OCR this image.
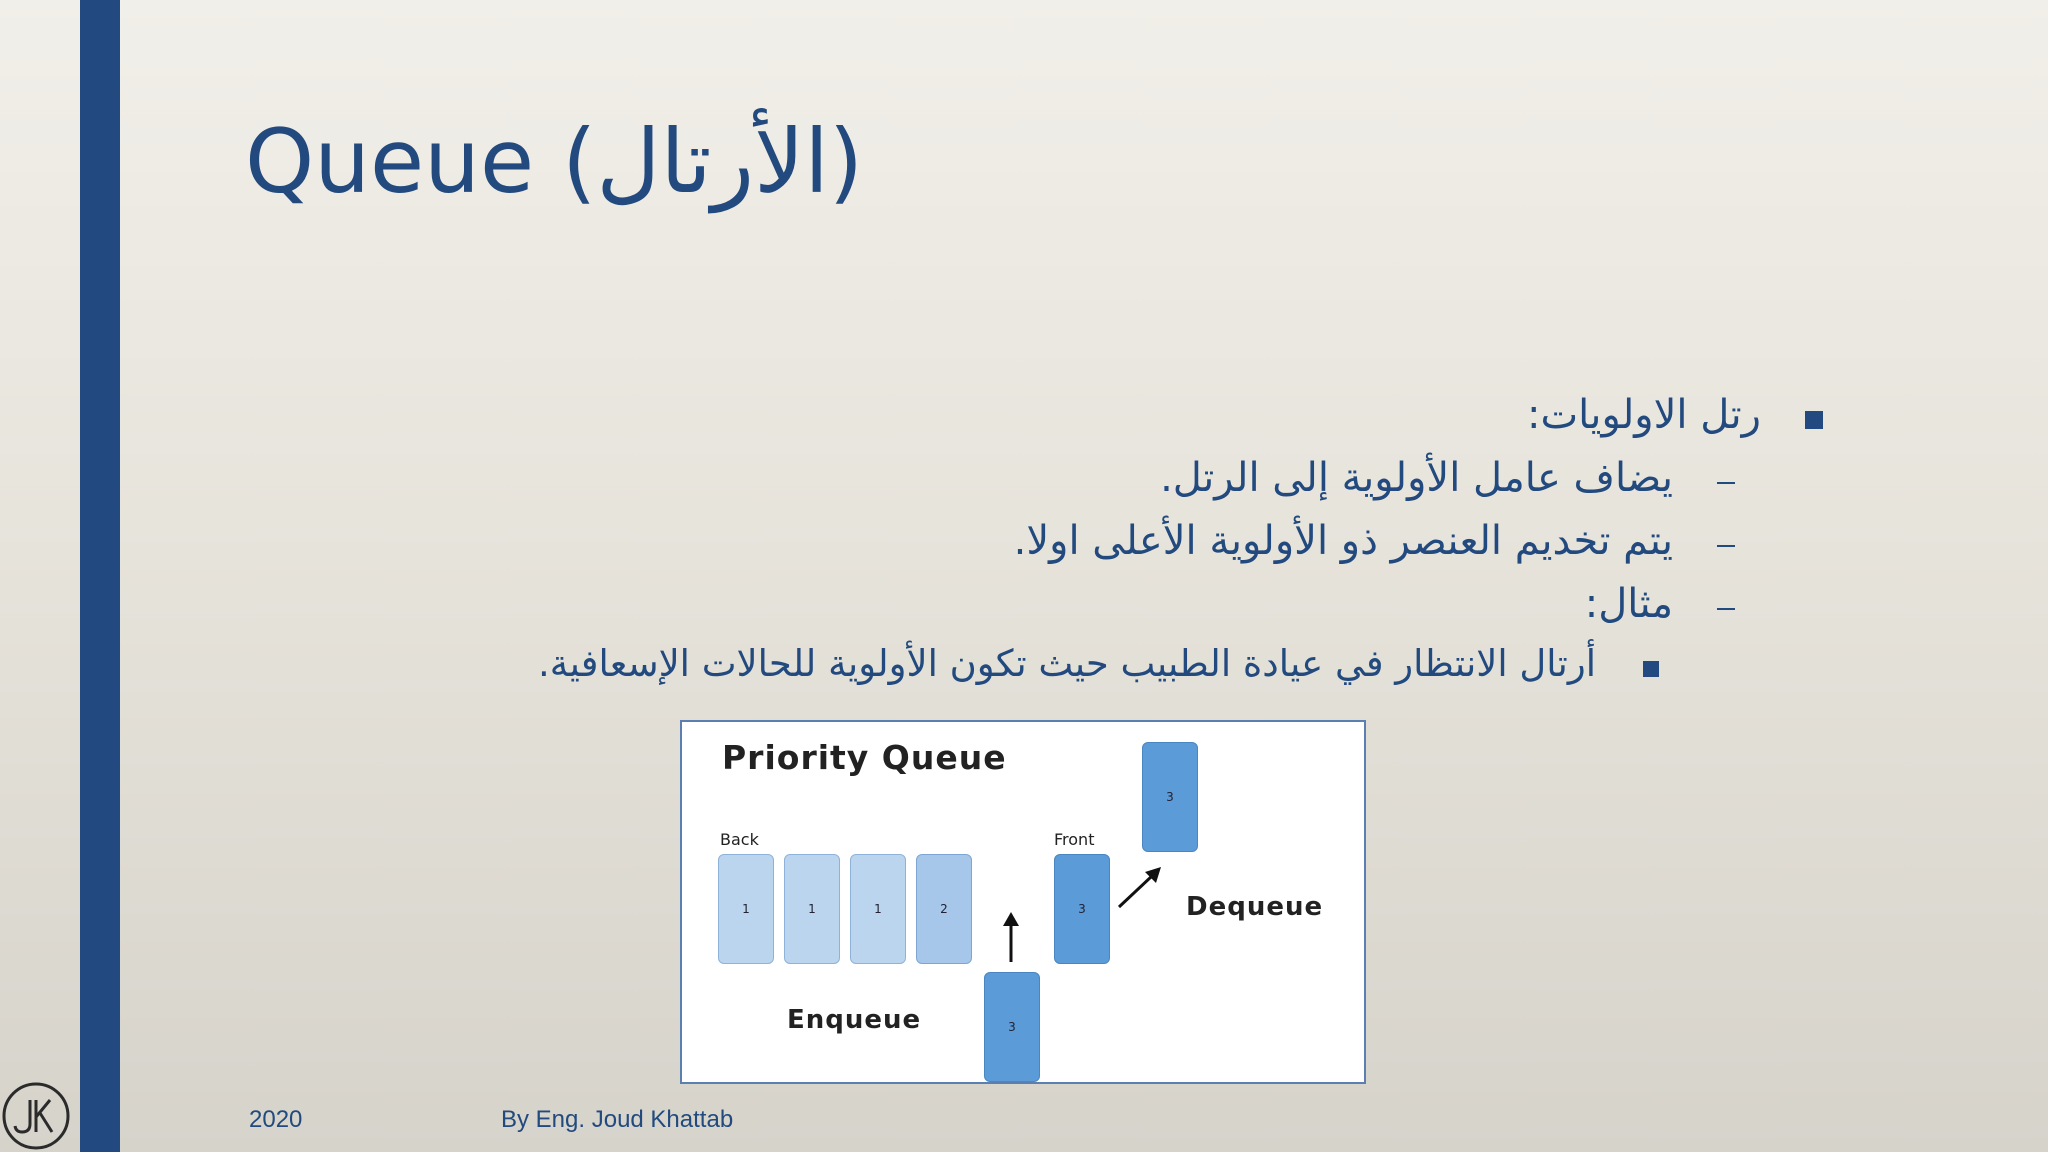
Queue (الأرتال)
رتل الاولويات:
يضاف عامل الأولوية إلى الرتل.
يتم تخديم العنصر ذو الأولوية الأعلى اولا.
مثال:
أرتال الانتظار في عيادة الطبيب حيث تكون الأولوية للحالات الإسعافية.
Priority Queue
Back	Front
1	1	1	2	3
3
3
Enqueue
Dequeue
2020	By Eng. Joud Khattab
